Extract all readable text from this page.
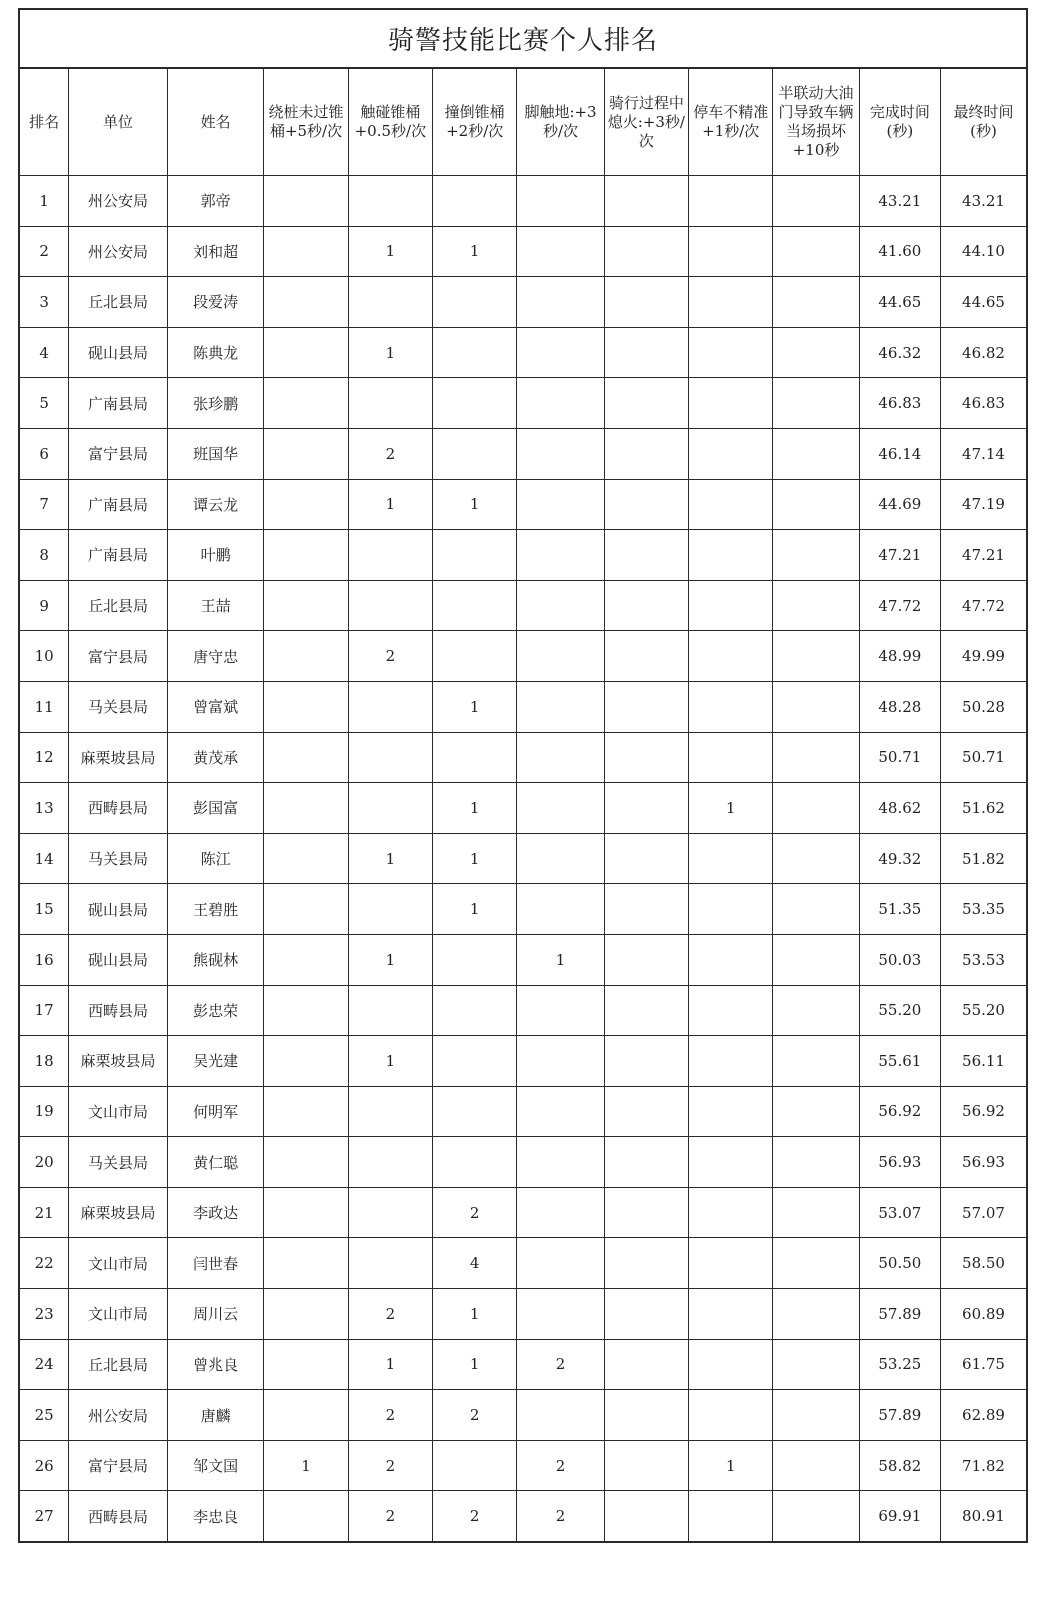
骑警技能比赛个人排名
排名	单位	姓名	绕桩未过锥桶+5秒/次	触碰锥桶+0.5秒/次	撞倒锥桶+2秒/次	脚触地:+3秒/次	骑行过程中熄火:+3秒/次	停车不精准+1秒/次	半联动大油门导致车辆当场损坏+10秒	完成时间(秒)	最终时间(秒)
1	州公安局	郭帝								43.21	43.21
2	州公安局	刘和超		1	1					41.60	44.10
3	丘北县局	段爱涛								44.65	44.65
4	砚山县局	陈典龙		1						46.32	46.82
5	广南县局	张珍鹏								46.83	46.83
6	富宁县局	班国华		2						46.14	47.14
7	广南县局	谭云龙		1	1					44.69	47.19
8	广南县局	叶鹏								47.21	47.21
9	丘北县局	王喆								47.72	47.72
10	富宁县局	唐守忠		2						48.99	49.99
11	马关县局	曾富斌			1					48.28	50.28
12	麻栗坡县局	黄茂承								50.71	50.71
13	西畴县局	彭国富			1			1		48.62	51.62
14	马关县局	陈江		1	1					49.32	51.82
15	砚山县局	王碧胜			1					51.35	53.35
16	砚山县局	熊砚林		1		1				50.03	53.53
17	西畴县局	彭忠荣								55.20	55.20
18	麻栗坡县局	吴光建		1						55.61	56.11
19	文山市局	何明军								56.92	56.92
20	马关县局	黄仁聪								56.93	56.93
21	麻栗坡县局	李政达			2					53.07	57.07
22	文山市局	闫世春			4					50.50	58.50
23	文山市局	周川云		2	1					57.89	60.89
24	丘北县局	曾兆良		1	1	2				53.25	61.75
25	州公安局	唐麟		2	2					57.89	62.89
26	富宁县局	邹文国	1	2		2		1		58.82	71.82
27	西畴县局	李忠良		2	2	2				69.91	80.91
